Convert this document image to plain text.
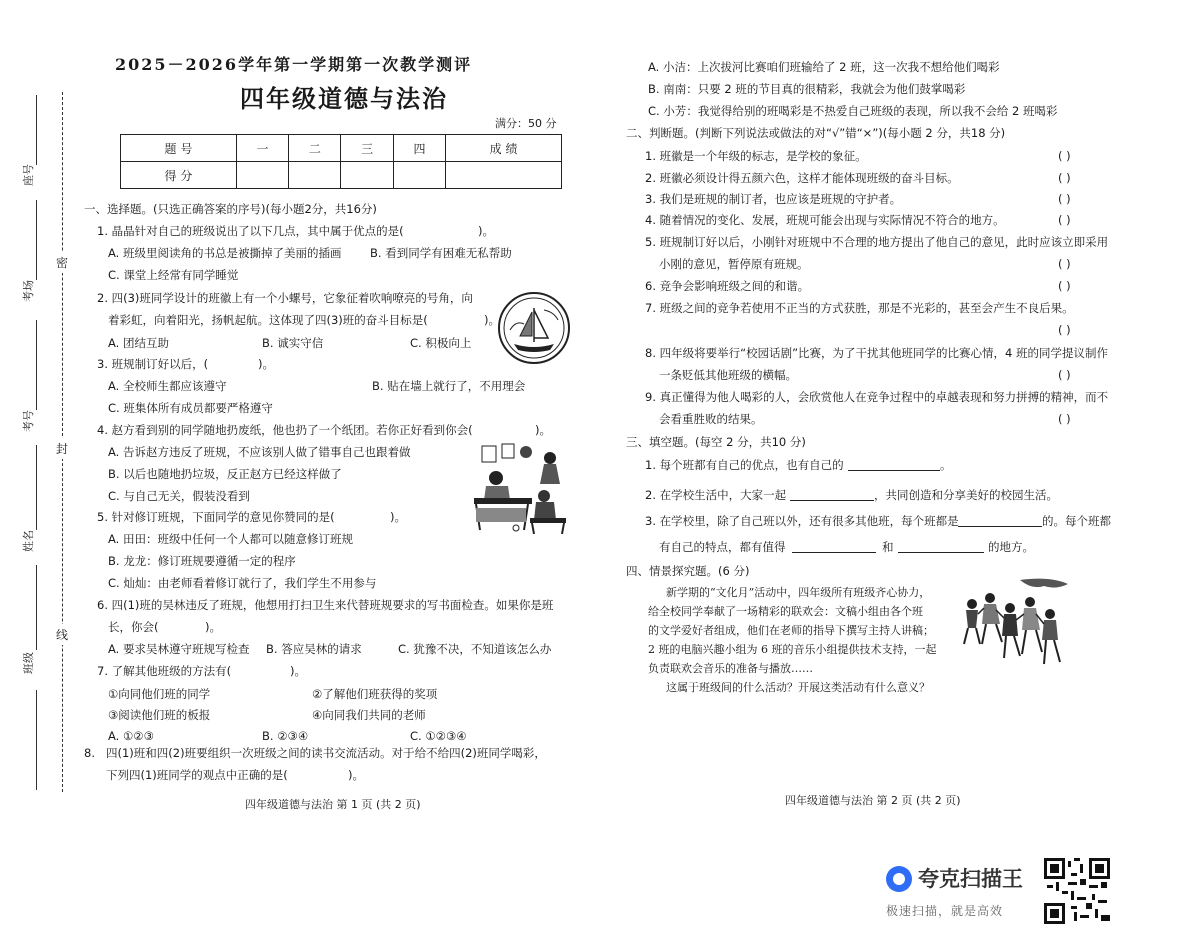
密
封
线
座号
考场
考号
姓名
班级
2025－2026学年第一学期第一次教学测评
四年级道德与法治
满分：50 分
题 号	一	二	三	四	成 绩
得 分					
一、选择题。(只选正确答案的序号)(每小题2分，共16分)
1. 晶晶针对自己的班级说出了以下几点，其中属于优点的是(	)。
A. 班级里阅读角的书总是被撕掉了美丽的插画 B. 看到同学有困难无私帮助
C. 课堂上经常有同学睡觉
2. 四(3)班同学设计的班徽上有一个小螺号，它象征着吹响嘹亮的号角，向
着彩虹，向着阳光，扬帆起航。这体现了四(3)班的奋斗目标是(	)。
A. 团结互助	B. 诚实守信	C. 积极向上
3. 班规制订好以后，(	)。
A. 全校师生都应该遵守	B. 贴在墙上就行了，不用理会
C. 班集体所有成员都要严格遵守
4. 赵方看到别的同学随地扔废纸，他也扔了一个纸团。若你正好看到你会(	)。
A. 告诉赵方违反了班规，不应该别人做了错事自己也跟着做
B. 以后也随地扔垃圾，反正赵方已经这样做了
C. 与自己无关，假装没看到
5. 针对修订班规，下面同学的意见你赞同的是(	)。
A. 田田：班级中任何一个人都可以随意修订班规
B. 龙龙：修订班规要遵循一定的程序
C. 灿灿：由老师看着修订就行了，我们学生不用参与
6. 四(1)班的吴林违反了班规，他想用打扫卫生来代替班规要求的写书面检查。如果你是班
长，你会(	)。
A. 要求吴林遵守班规写检查 B. 答应吴林的请求	C. 犹豫不决，不知道该怎么办
7. 了解其他班级的方法有(	)。
①向同他们班的同学	②了解他们班获得的奖项
③阅读他们班的板报	④向同我们共同的老师
A. ①②③	B. ②③④	C. ①②③④
8. 四(1)班和四(2)班要组织一次班级之间的读书交流活动。对于给不给四(2)班同学喝彩，
下列四(1)班同学的观点中正确的是(	)。
四年级道德与法治 第 1 页 (共 2 页)
A. 小洁：上次拔河比赛咱们班输给了 2 班，这一次我不想给他们喝彩
B. 南南：只要 2 班的节目真的很精彩，我就会为他们鼓掌喝彩
C. 小芳：我觉得给别的班喝彩是不热爱自己班级的表现，所以我不会给 2 班喝彩
二、判断题。(判断下列说法或做法的对“√”错“×”)(每小题 2 分，共18 分)
1. 班徽是一个年级的标志，是学校的象征。	( )
2. 班徽必须设计得五颜六色，这样才能体现班级的奋斗目标。	( )
3. 我们是班规的制订者，也应该是班规的守护者。	( )
4. 随着情况的变化、发展，班规可能会出现与实际情况不符合的地方。	( )
5. 班规制订好以后，小刚针对班规中不合理的地方提出了他自己的意见，此时应该立即采用
小刚的意见，暂停原有班规。	( )
6. 竞争会影响班级之间的和谐。	( )
7. 班级之间的竞争若使用不正当的方式获胜，那是不光彩的，甚至会产生不良后果。
( )
8. 四年级将要举行“校园话剧”比赛，为了干扰其他班同学的比赛心情，4 班的同学提议制作
一条贬低其他班级的横幅。	( )
9. 真正懂得为他人喝彩的人，会欣赏他人在竞争过程中的卓越表现和努力拼搏的精神，而不
会看重胜败的结果。	( )
三、填空题。(每空 2 分，共10 分)
1. 每个班都有自己的优点，也有自己的	。
2. 在学校生活中，大家一起	，共同创造和分享美好的校园生活。
3. 在学校里，除了自己班以外，还有很多其他班，每个班都是	的。每个班都
有自己的特点，都有值得	和	的地方。
四、情景探究题。(6 分)
新学期的“文化月”活动中，四年级所有班级齐心协力，
给全校同学奉献了一场精彩的联欢会：文稿小组由各个班
的文学爱好者组成，他们在老师的指导下撰写主持人讲稿；
2 班的电脑兴趣小组为 6 班的音乐小组提供技术支持，一起
负责联欢会音乐的准备与播放……
这属于班级间的什么活动？开展这类活动有什么意义？
四年级道德与法治 第 2 页 (共 2 页)
夸克扫描王
极速扫描，就是高效
